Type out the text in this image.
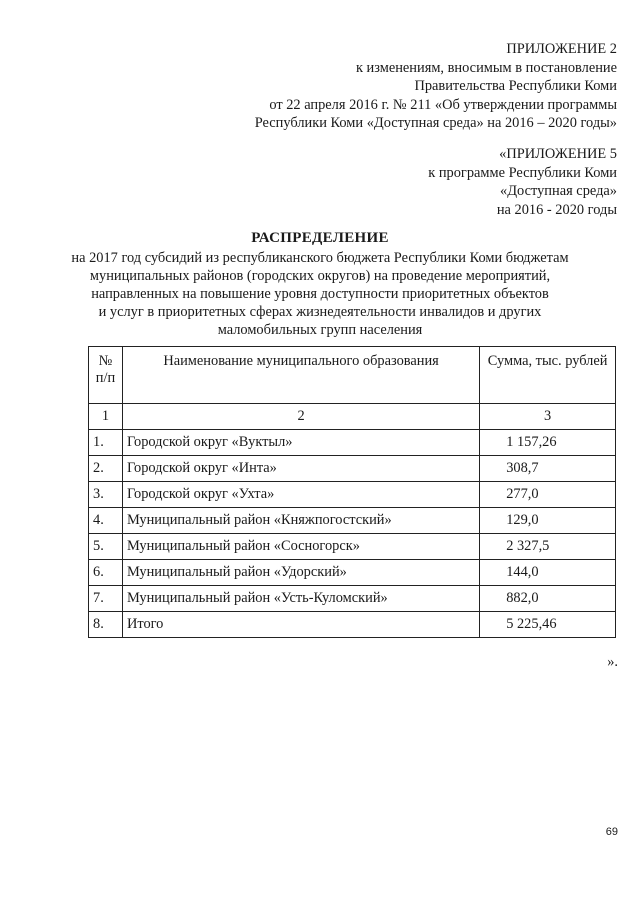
ПРИЛОЖЕНИЕ 2
к изменениям, вносимым в постановление
Правительства Республики Коми
от 22 апреля 2016 г. № 211 «Об утверждении программы
Республики Коми «Доступная среда» на 2016 – 2020 годы»
«ПРИЛОЖЕНИЕ 5
к программе Республики Коми
«Доступная среда»
на 2016 - 2020 годы
РАСПРЕДЕЛЕНИЕ
на 2017 год субсидий из республиканского бюджета Республики Коми бюджетам
муниципальных районов (городских округов) на проведение мероприятий,
направленных на повышение уровня доступности приоритетных объектов
и услуг в приоритетных сферах жизнедеятельности инвалидов и других
маломобильных групп населения
№ п/п	Наименование муниципального образования	Сумма, тыс. рублей
1	2	3
1.	Городской округ «Вуктыл»	1 157,26
2.	Городской округ «Инта»	308,7
3.	Городской округ «Ухта»	277,0
4.	Муниципальный район «Княжпогостский»	129,0
5.	Муниципальный район «Сосногорск»	2 327,5
6.	Муниципальный район «Удорский»	144,0
7.	Муниципальный район «Усть-Куломский»	882,0
8.	Итого	5 225,46
».
69
